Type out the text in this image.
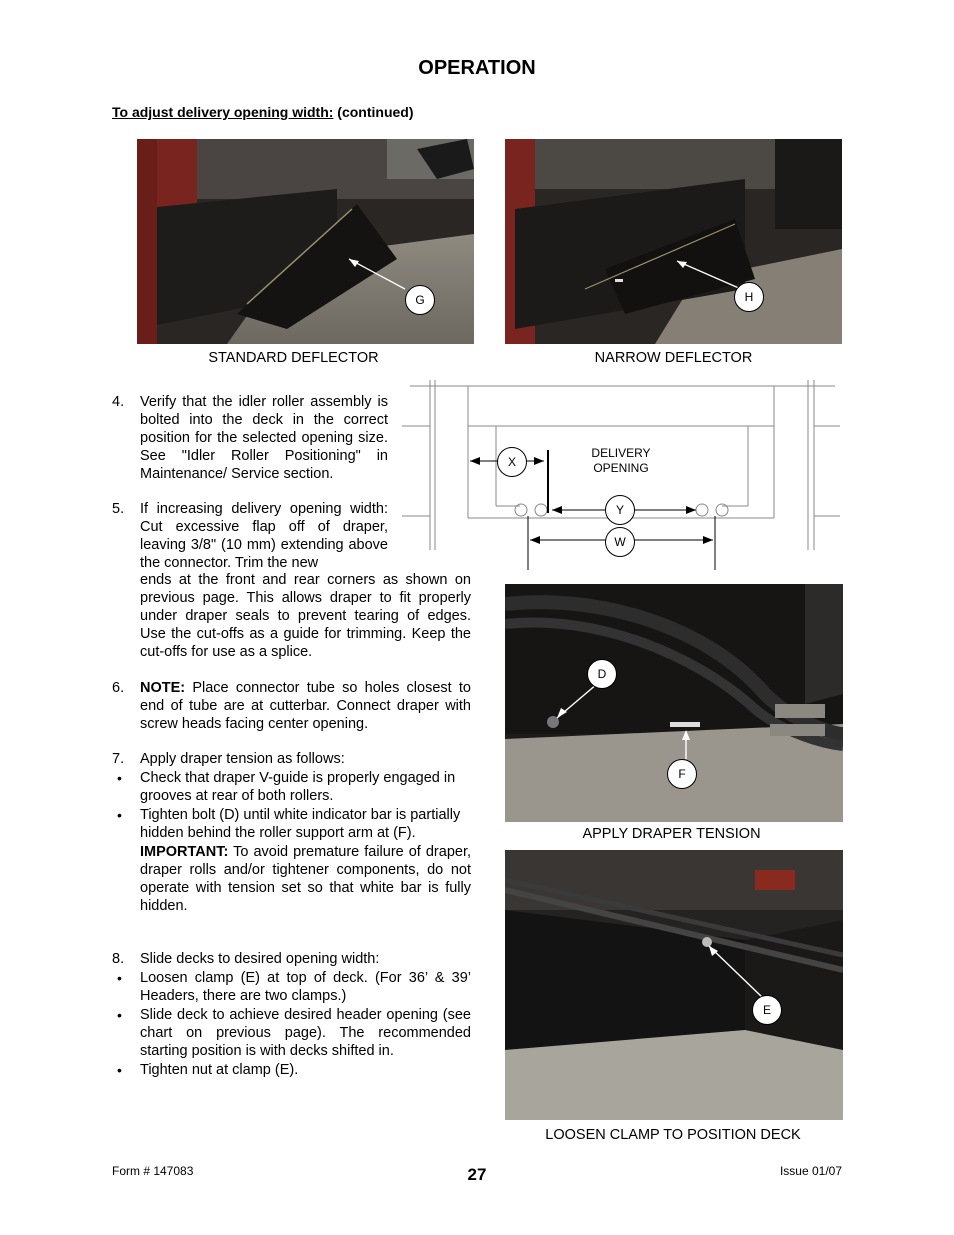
OPERATION
To adjust delivery opening width: (continued)
G
STANDARD DEFLECTOR
H
NARROW DEFLECTOR
DELIVERY
OPENING
X
Y
W
D
F
APPLY DRAPER TENSION
E
LOOSEN CLAMP TO POSITION DECK
4. Verify that the idler roller assembly is bolted into the deck in the correct position for the selected opening size. See "Idler Roller Positioning" in Maintenance/ Service section.
5. If increasing delivery opening width: Cut excessive flap off of draper, leaving 3/8" (10 mm) extending above the connector. Trim the new
ends at the front and rear corners as shown on previous page. This allows draper to fit properly under draper seals to prevent tearing of edges. Use the cut-offs as a guide for trimming. Keep the cut-offs for use as a splice.
6. NOTE: Place connector tube so holes closest to end of tube are at cutterbar. Connect draper with screw heads facing center opening.
7. Apply draper tension as follows:
• Check that draper V-guide is properly engaged in grooves at rear of both rollers.
• Tighten bolt (D) until white indicator bar is partially hidden behind the roller support arm at (F).
IMPORTANT: To avoid premature failure of draper, draper rolls and/or tightener components, do not operate with tension set so that white bar is fully hidden.
8. Slide decks to desired opening width:
• Loosen clamp (E) at top of deck. (For 36’ & 39’ Headers, there are two clamps.)
• Slide deck to achieve desired header opening (see chart on previous page). The recommended starting position is with decks shifted in.
• Tighten nut at clamp (E).
Form # 147083	27	Issue 01/07
